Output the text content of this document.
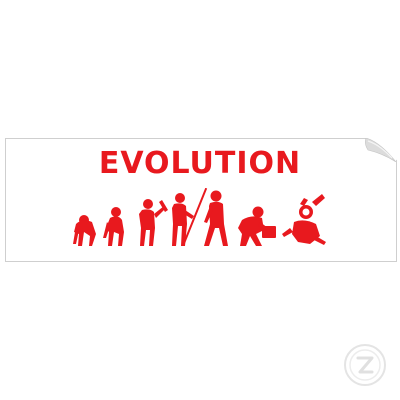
EVOLUTION
